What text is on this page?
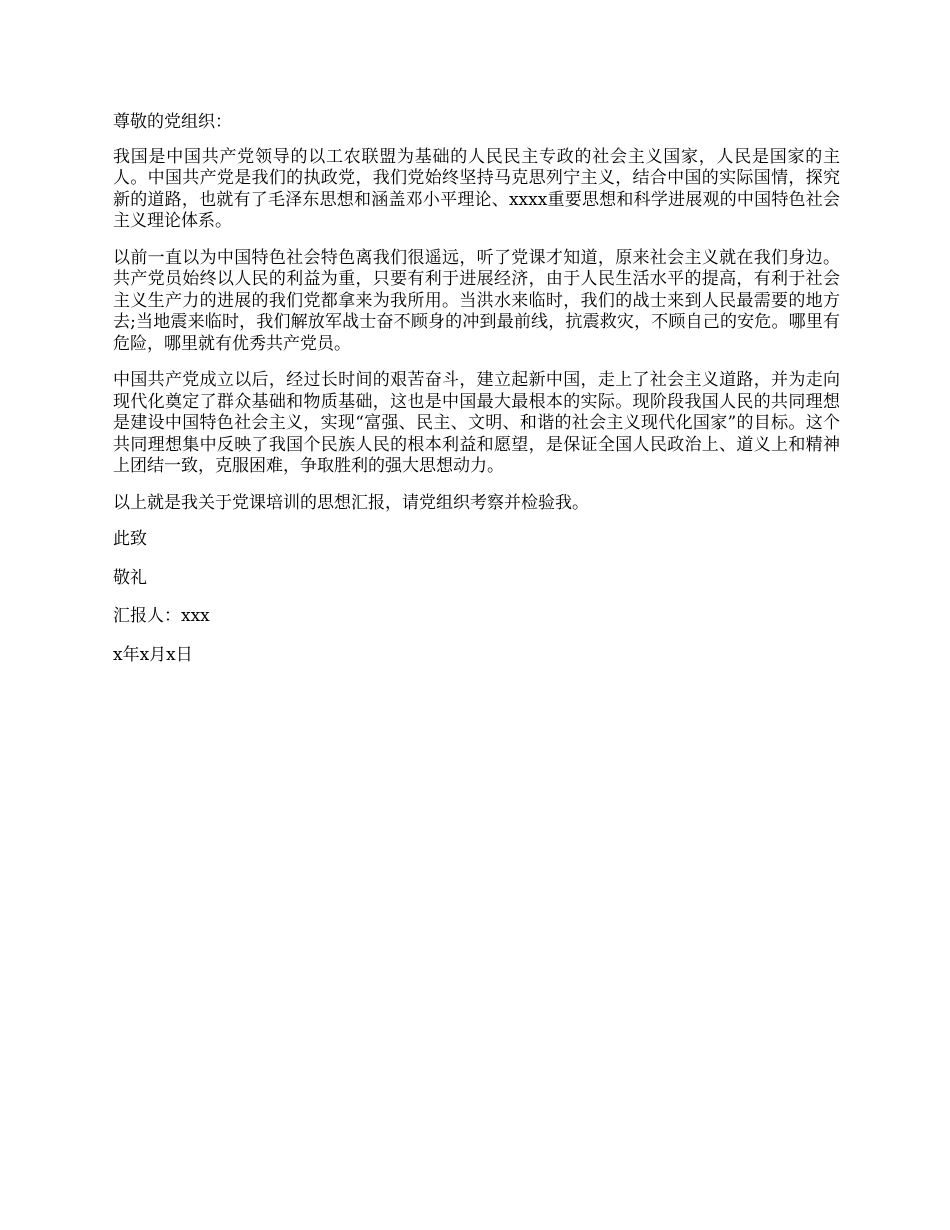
尊敬的党组织：

我国是中国共产党领导的以工农联盟为基础的人民民主专政的社会主义国家，人民是国家的主人。中国共产党是我们的执政党，我们党始终坚持马克思列宁主义，结合中国的实际国情，探究新的道路，也就有了毛泽东思想和涵盖邓小平理论、xxxx重要思想和科学进展观的中国特色社会主义理论体系。

以前一直以为中国特色社会特色离我们很遥远，听了党课才知道，原来社会主义就在我们身边。共产党员始终以人民的利益为重，只要有利于进展经济，由于人民生活水平的提高，有利于社会主义生产力的进展的我们党都拿来为我所用。当洪水来临时，我们的战士来到人民最需要的地方去;当地震来临时，我们解放军战士奋不顾身的冲到最前线，抗震救灾，不顾自己的安危。哪里有危险，哪里就有优秀共产党员。

中国共产党成立以后，经过长时间的艰苦奋斗，建立起新中国，走上了社会主义道路，并为走向现代化奠定了群众基础和物质基础，这也是中国最大最根本的实际。现阶段我国人民的共同理想是建设中国特色社会主义，实现“富强、民主、文明、和谐的社会主义现代化国家”的目标。这个共同理想集中反映了我国个民族人民的根本利益和愿望，是保证全国人民政治上、道义上和精神上团结一致，克服困难，争取胜利的强大思想动力。

以上就是我关于党课培训的思想汇报，请党组织考察并检验我。

此致

敬礼

汇报人：xxx

x年x月x日
